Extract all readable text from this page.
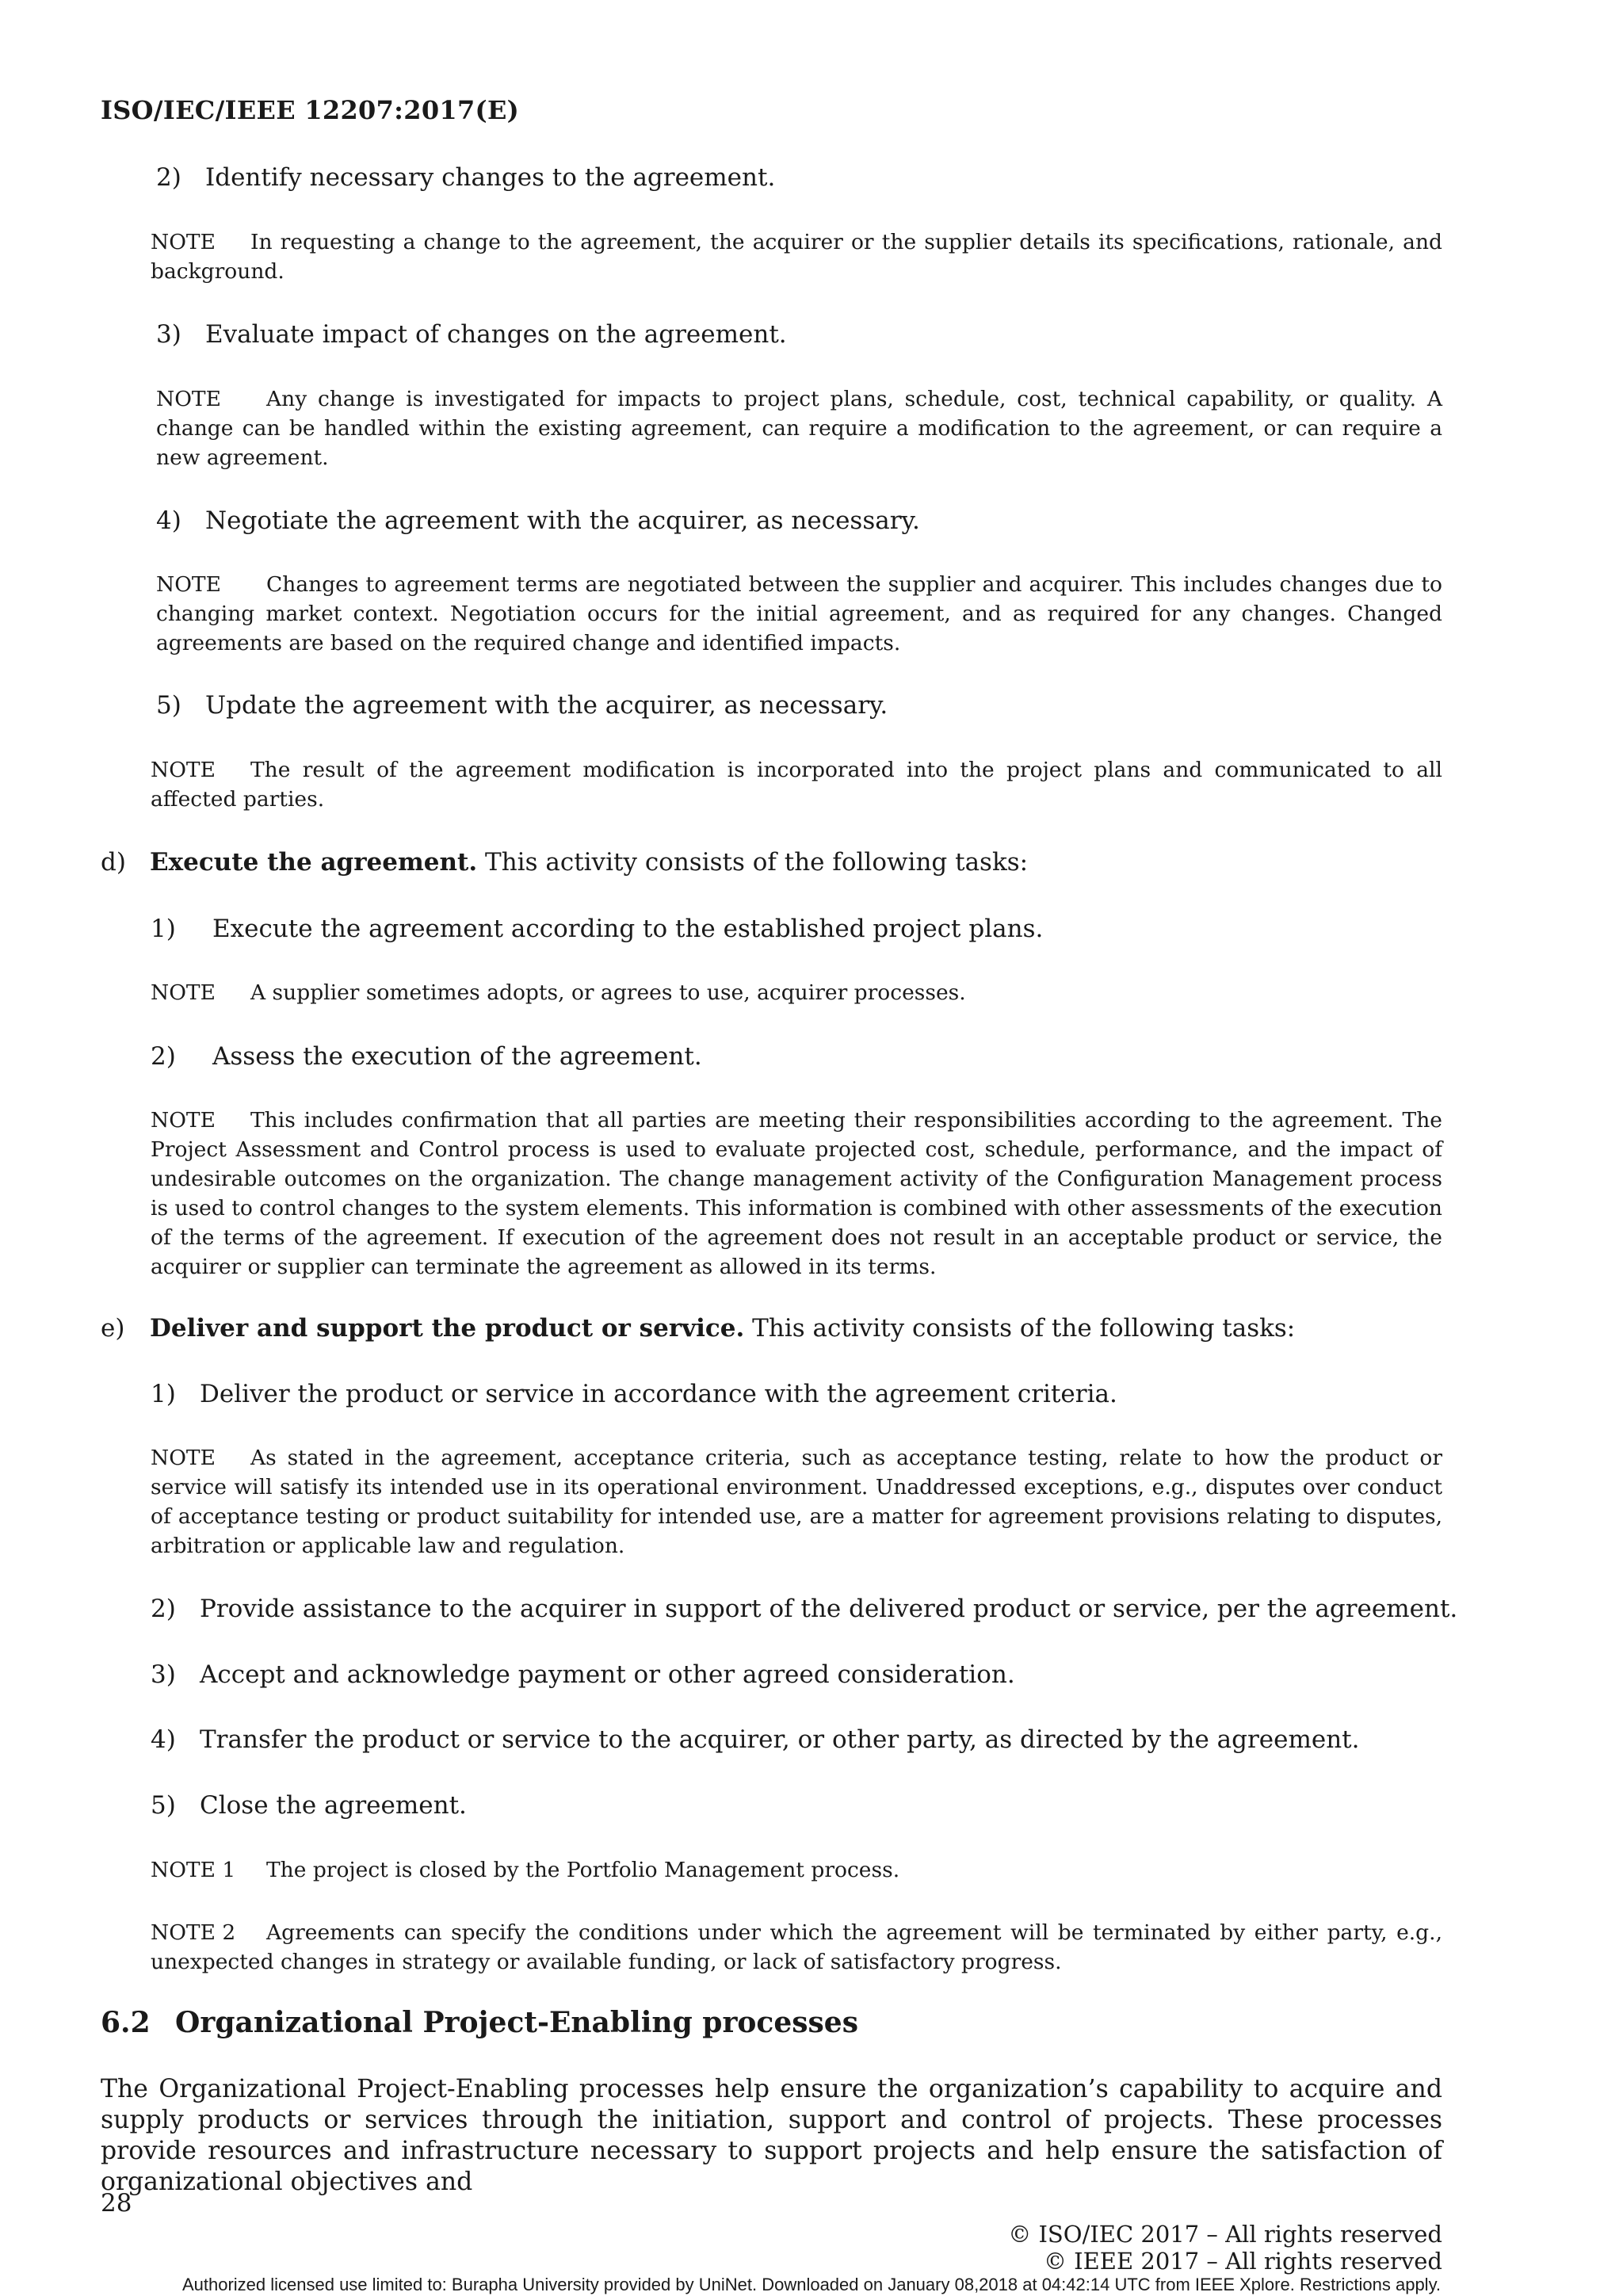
ISO/IEC/IEEE 12207:2017(E)
2) Identify necessary changes to the agreement.
NOTE In requesting a change to the agreement, the acquirer or the supplier details its specifications, rationale, and background.
3) Evaluate impact of changes on the agreement.
NOTE Any change is investigated for impacts to project plans, schedule, cost, technical capability, or quality. A change can be handled within the existing agreement, can require a modification to the agreement, or can require a new agreement.
4) Negotiate the agreement with the acquirer, as necessary.
NOTE Changes to agreement terms are negotiated between the supplier and acquirer. This includes changes due to changing market context. Negotiation occurs for the initial agreement, and as required for any changes. Changed agreements are based on the required change and identified impacts.
5) Update the agreement with the acquirer, as necessary.
NOTE The result of the agreement modification is incorporated into the project plans and communicated to all affected parties.
d) Execute the agreement. This activity consists of the following tasks:
1) Execute the agreement according to the established project plans.
NOTE A supplier sometimes adopts, or agrees to use, acquirer processes.
2) Assess the execution of the agreement.
NOTE This includes confirmation that all parties are meeting their responsibilities according to the agreement. The Project Assessment and Control process is used to evaluate projected cost, schedule, performance, and the impact of undesirable outcomes on the organization. The change management activity of the Configuration Management process is used to control changes to the system elements. This information is combined with other assessments of the execution of the terms of the agreement. If execution of the agreement does not result in an acceptable product or service, the acquirer or supplier can terminate the agreement as allowed in its terms.
e) Deliver and support the product or service. This activity consists of the following tasks:
1) Deliver the product or service in accordance with the agreement criteria.
NOTE As stated in the agreement, acceptance criteria, such as acceptance testing, relate to how the product or service will satisfy its intended use in its operational environment. Unaddressed exceptions, e.g., disputes over conduct of acceptance testing or product suitability for intended use, are a matter for agreement provisions relating to disputes, arbitration or applicable law and regulation.
2) Provide assistance to the acquirer in support of the delivered product or service, per the agreement.
3) Accept and acknowledge payment or other agreed consideration.
4) Transfer the product or service to the acquirer, or other party, as directed by the agreement.
5) Close the agreement.
NOTE 1 The project is closed by the Portfolio Management process.
NOTE 2 Agreements can specify the conditions under which the agreement will be terminated by either party, e.g., unexpected changes in strategy or available funding, or lack of satisfactory progress.
6.2 Organizational Project-Enabling processes
The Organizational Project-Enabling processes help ensure the organization’s capability to acquire and supply products or services through the initiation, support and control of projects. These processes provide resources and infrastructure necessary to support projects and help ensure the satisfaction of organizational objectives and
28
© ISO/IEC 2017 – All rights reserved
© IEEE 2017 – All rights reserved
Authorized licensed use limited to: Burapha University provided by UniNet. Downloaded on January 08,2018 at 04:42:14 UTC from IEEE Xplore. Restrictions apply.
